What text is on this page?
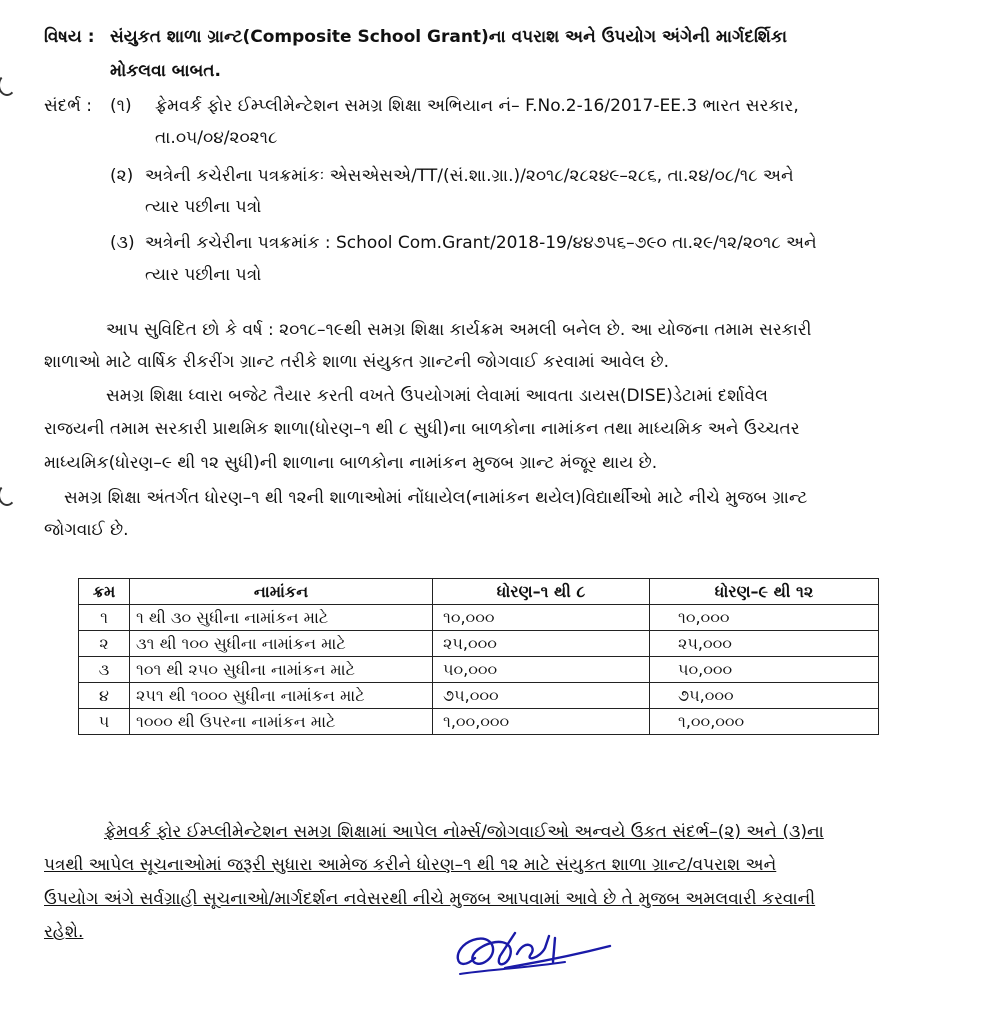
વિષય : સંયુકત શાળા ગ્રાન્ટ(Composite School Grant)ના વપરાશ અને ઉપયોગ અંગેની માર્ગદર્શિકા
મોકલવા બાબત.
સંદર્ભ : (૧) ફ્રેમવર્ક ફોર ઈમ્પ્લીમેન્ટેશન સમગ્ર શિક્ષા અભિયાન નં– F.No.2-16/2017-EE.3 ભારત સરકાર,
તા.૦૫/૦૪/૨૦૨૧૮
(૨) અત્રેની કચેરીના પત્રક્રમાંકઃ એસએસએ/TT/(સં.શા.ગ્રા.)/૨૦૧૮/૨૮૨૪૯–૨૮૬, તા.૨૪/૦૮/૧૮ અને
ત્યાર પછીના પત્રો
(૩) અત્રેની કચેરીના પત્રક્રમાંક : School Com.Grant/2018-19/૪૪૭૫૬–૭૯૦ તા.૨૯/૧૨/૨૦૧૮ અને
ત્યાર પછીના પત્રો
આપ સુવિદિત છો કે વર્ષ : ૨૦૧૮–૧૯થી સમગ્ર શિક્ષા કાર્યક્રમ અમલી બનેલ છે. આ યોજના તમામ સરકારી
શાળાઓ માટે વાર્ષિક રીકરીંગ ગ્રાન્ટ તરીકે શાળા સંયુકત ગ્રાન્ટની જોગવાઈ કરવામાં આવેલ છે.
સમગ્ર શિક્ષા ધ્વારા બજેટ તૈયાર કરતી વખતે ઉપયોગમાં લેવામાં આવતા ડાયસ(DISE)ડેટામાં દર્શાવેલ
રાજયની તમામ સરકારી પ્રાથમિક શાળા(ધોરણ–૧ થી ૮ સુધી)ના બાળકોના નામાંકન તથા માધ્યમિક અને ઉચ્ચતર
માધ્યમિક(ધોરણ–૯ થી ૧૨ સુધી)ની શાળાના બાળકોના નામાંકન મુજબ ગ્રાન્ટ મંજૂર થાય છે.
સમગ્ર શિક્ષા અંતર્ગત ધોરણ–૧ થી ૧૨ની શાળાઓમાં નોંધાયેલ(નામાંકન થયેલ)વિદ્યાર્થીઓ માટે નીચે મુજબ ગ્રાન્ટ
જોગવાઈ છે.
ક્રમ	નામાંકન	ધોરણ–૧ થી ૮	ધોરણ–૯ થી ૧૨
૧	૧ થી ૩૦ સુધીના નામાંકન માટે	૧૦,૦૦૦	૧૦,૦૦૦
૨	૩૧ થી ૧૦૦ સુધીના નામાંકન માટે	૨૫,૦૦૦	૨૫,૦૦૦
૩	૧૦૧ થી ૨૫૦ સુધીના નામાંકન માટે	૫૦,૦૦૦	૫૦,૦૦૦
૪	૨૫૧ થી ૧૦૦૦ સુધીના નામાંકન માટે	૭૫,૦૦૦	૭૫,૦૦૦
૫	૧૦૦૦ થી ઉપરના નામાંકન માટે	૧,૦૦,૦૦૦	૧,૦૦,૦૦૦
ફ્રેમવર્ક ફોર ઈમ્પ્લીમેન્ટેશન સમગ્ર શિક્ષામાં આપેલ નોર્મ્સ/જોગવાઈઓ અન્વયે ઉકત સંદર્ભ–(૨) અને (૩)ના
પત્રથી આપેલ સૂચનાઓમાં જરૂરી સુધારા આમેજ કરીને ધોરણ–૧ થી ૧૨ માટે સંયુકત શાળા ગ્રાન્ટ/વપરાશ અને
ઉપયોગ અંગે સર્વગ્રાહી સૂચનાઓ/માર્ગદર્શન નવેસરથી નીચે મુજબ આપવામાં આવે છે તે મુજબ અમલવારી કરવાની
રહેશે.
